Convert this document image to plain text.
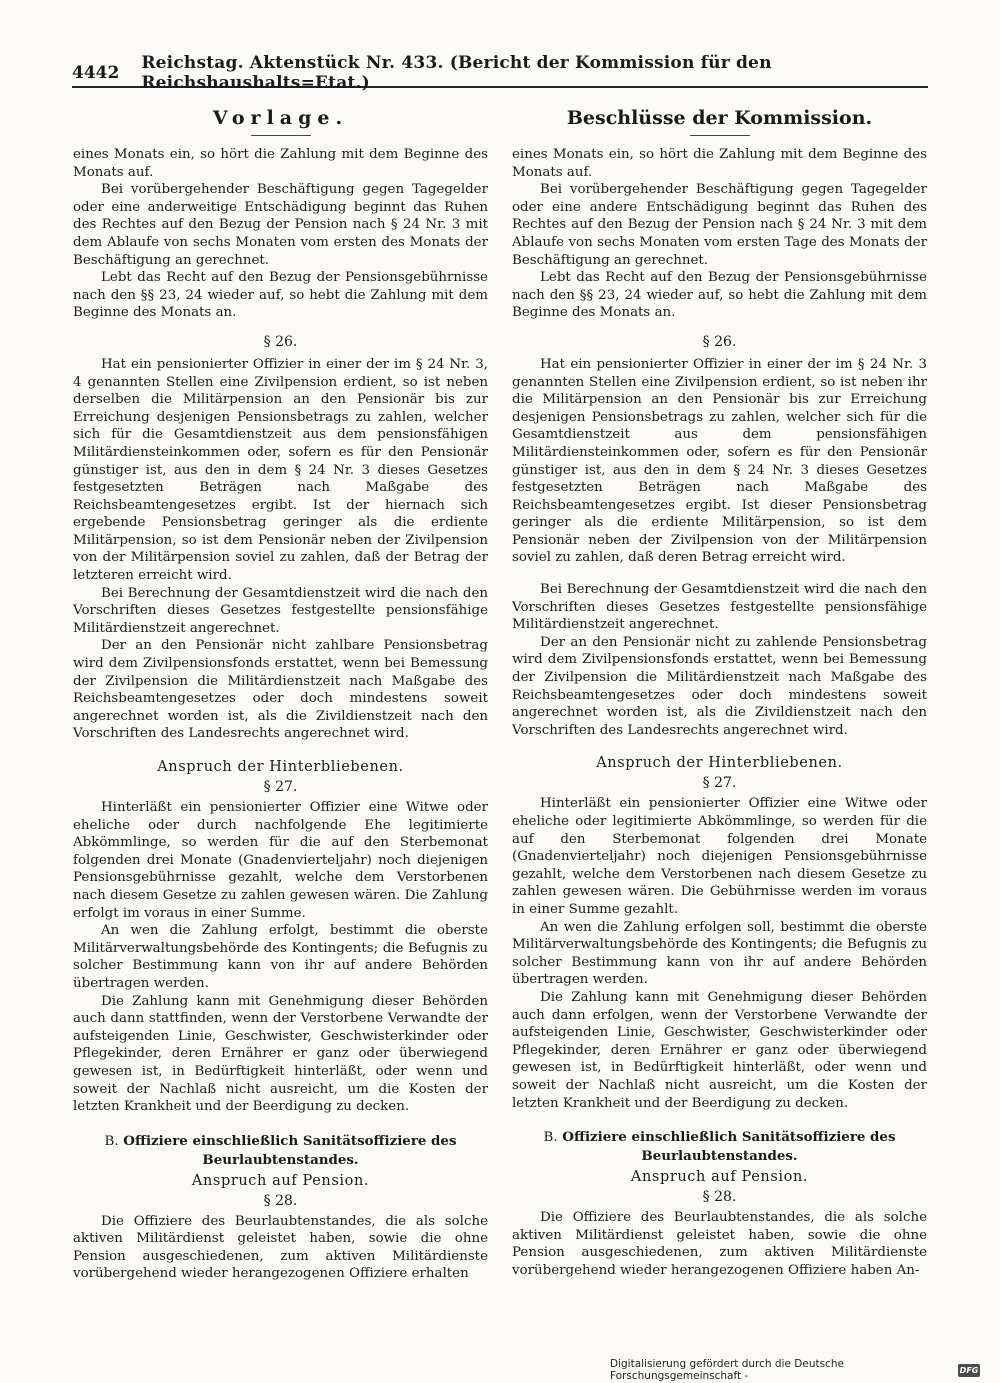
4442 Reichstag. Aktenstück Nr. 433. (Bericht der Kommission für den Reichshaushalts=Etat.)
Vorlage.

eines Monats ein, so hört die Zahlung mit dem Beginne des Monats auf.

Bei vorübergehender Beschäftigung gegen Tagegelder oder eine anderweitige Entschädigung beginnt das Ruhen des Rechtes auf den Bezug der Pension nach § 24 Nr. 3 mit dem Ablaufe von sechs Monaten vom ersten des Monats der Beschäftigung an gerechnet.

Lebt das Recht auf den Bezug der Pensionsgebührnisse nach den §§ 23, 24 wieder auf, so hebt die Zahlung mit dem Beginne des Monats an.

§ 26.

Hat ein pensionierter Offizier in einer der im § 24 Nr. 3, 4 genannten Stellen eine Zivilpension erdient, so ist neben derselben die Militärpension an den Pensionär bis zur Erreichung desjenigen Pensionsbetrags zu zahlen, welcher sich für die Gesamtdienstzeit aus dem pensionsfähigen Militärdiensteinkommen oder, sofern es für den Pensionär günstiger ist, aus den in dem § 24 Nr. 3 dieses Gesetzes festgesetzten Beträgen nach Maßgabe des Reichsbeamtengesetzes ergibt. Ist der hiernach sich ergebende Pensionsbetrag geringer als die erdiente Militärpension, so ist dem Pensionär neben der Zivilpension von der Militärpension soviel zu zahlen, daß der Betrag der letzteren erreicht wird.

Bei Berechnung der Gesamtdienstzeit wird die nach den Vorschriften dieses Gesetzes festgestellte pensionsfähige Militärdienstzeit angerechnet.

Der an den Pensionär nicht zahlbare Pensionsbetrag wird dem Zivilpensionsfonds erstattet, wenn bei Bemessung der Zivilpension die Militärdienstzeit nach Maßgabe des Reichsbeamtengesetzes oder doch mindestens soweit angerechnet worden ist, als die Zivildienstzeit nach den Vorschriften des Landesrechts angerechnet wird.

Anspruch der Hinterbliebenen.
§ 27.

Hinterläßt ein pensionierter Offizier eine Witwe oder eheliche oder durch nachfolgende Ehe legitimierte Abkömmlinge, so werden für die auf den Sterbemonat folgenden drei Monate (Gnadenvierteljahr) noch diejenigen Pensionsgebührnisse gezahlt, welche dem Verstorbenen nach diesem Gesetze zu zahlen gewesen wären. Die Zahlung erfolgt im voraus in einer Summe.

An wen die Zahlung erfolgt, bestimmt die oberste Militärverwaltungsbehörde des Kontingents; die Befugnis zu solcher Bestimmung kann von ihr auf andere Behörden übertragen werden.

Die Zahlung kann mit Genehmigung dieser Behörden auch dann stattfinden, wenn der Verstorbene Verwandte der aufsteigenden Linie, Geschwister, Geschwisterkinder oder Pflegekinder, deren Ernährer er ganz oder überwiegend gewesen ist, in Bedürftigkeit hinterläßt, oder wenn und soweit der Nachlaß nicht ausreicht, um die Kosten der letzten Krankheit und der Beerdigung zu decken.

B. Offiziere einschließlich Sanitätsoffiziere des Beurlaubtenstandes.
Anspruch auf Pension.
§ 28.

Die Offiziere des Beurlaubtenstandes, die als solche aktiven Militärdienst geleistet haben, sowie die ohne Pension ausgeschiedenen, zum aktiven Militärdienste vorübergehend wieder herangezogenen Offiziere erhalten

Beschlüsse der Kommission.

eines Monats ein, so hört die Zahlung mit dem Beginne des Monats auf.

Bei vorübergehender Beschäftigung gegen Tagegelder oder eine andere Entschädigung beginnt das Ruhen des Rechtes auf den Bezug der Pension nach § 24 Nr. 3 mit dem Ablaufe von sechs Monaten vom ersten Tage des Monats der Beschäftigung an gerechnet.

Lebt das Recht auf den Bezug der Pensionsgebührnisse nach den §§ 23, 24 wieder auf, so hebt die Zahlung mit dem Beginne des Monats an.

§ 26.

Hat ein pensionierter Offizier in einer der im § 24 Nr. 3 genannten Stellen eine Zivilpension erdient, so ist neben ihr die Militärpension an den Pensionär bis zur Erreichung desjenigen Pensionsbetrags zu zahlen, welcher sich für die Gesamtdienstzeit aus dem pensionsfähigen Militärdiensteinkommen oder, sofern es für den Pensionär günstiger ist, aus den in dem § 24 Nr. 3 dieses Gesetzes festgesetzten Beträgen nach Maßgabe des Reichsbeamtengesetzes ergibt. Ist dieser Pensionsbetrag geringer als die erdiente Militärpension, so ist dem Pensionär neben der Zivilpension von der Militärpension soviel zu zahlen, daß deren Betrag erreicht wird.

Bei Berechnung der Gesamtdienstzeit wird die nach den Vorschriften dieses Gesetzes festgestellte pensionsfähige Militärdienstzeit angerechnet.

Der an den Pensionär nicht zu zahlende Pensionsbetrag wird dem Zivilpensionsfonds erstattet, wenn bei Bemessung der Zivilpension die Militärdienstzeit nach Maßgabe des Reichsbeamtengesetzes oder doch mindestens soweit angerechnet worden ist, als die Zivildienstzeit nach den Vorschriften des Landesrechts angerechnet wird.

Anspruch der Hinterbliebenen.
§ 27.

Hinterläßt ein pensionierter Offizier eine Witwe oder eheliche oder legitimierte Abkömmlinge, so werden für die auf den Sterbemonat folgenden drei Monate (Gnadenvierteljahr) noch diejenigen Pensionsgebührnisse gezahlt, welche dem Verstorbenen nach diesem Gesetze zu zahlen gewesen wären. Die Gebührnisse werden im voraus in einer Summe gezahlt.

An wen die Zahlung erfolgen soll, bestimmt die oberste Militärverwaltungsbehörde des Kontingents; die Befugnis zu solcher Bestimmung kann von ihr auf andere Behörden übertragen werden.

Die Zahlung kann mit Genehmigung dieser Behörden auch dann erfolgen, wenn der Verstorbene Verwandte der aufsteigenden Linie, Geschwister, Geschwisterkinder oder Pflegekinder, deren Ernährer er ganz oder überwiegend gewesen ist, in Bedürftigkeit hinterläßt, oder wenn und soweit der Nachlaß nicht ausreicht, um die Kosten der letzten Krankheit und der Beerdigung zu decken.

B. Offiziere einschließlich Sanitätsoffiziere des Beurlaubtenstandes.
Anspruch auf Pension.
§ 28.

Die Offiziere des Beurlaubtenstandes, die als solche aktiven Militärdienst geleistet haben, sowie die ohne Pension ausgeschiedenen, zum aktiven Militärdienste vorübergehend wieder herangezogenen Offiziere haben An-

Digitalisierung gefördert durch die Deutsche Forschungsgemeinschaft -	DFG
